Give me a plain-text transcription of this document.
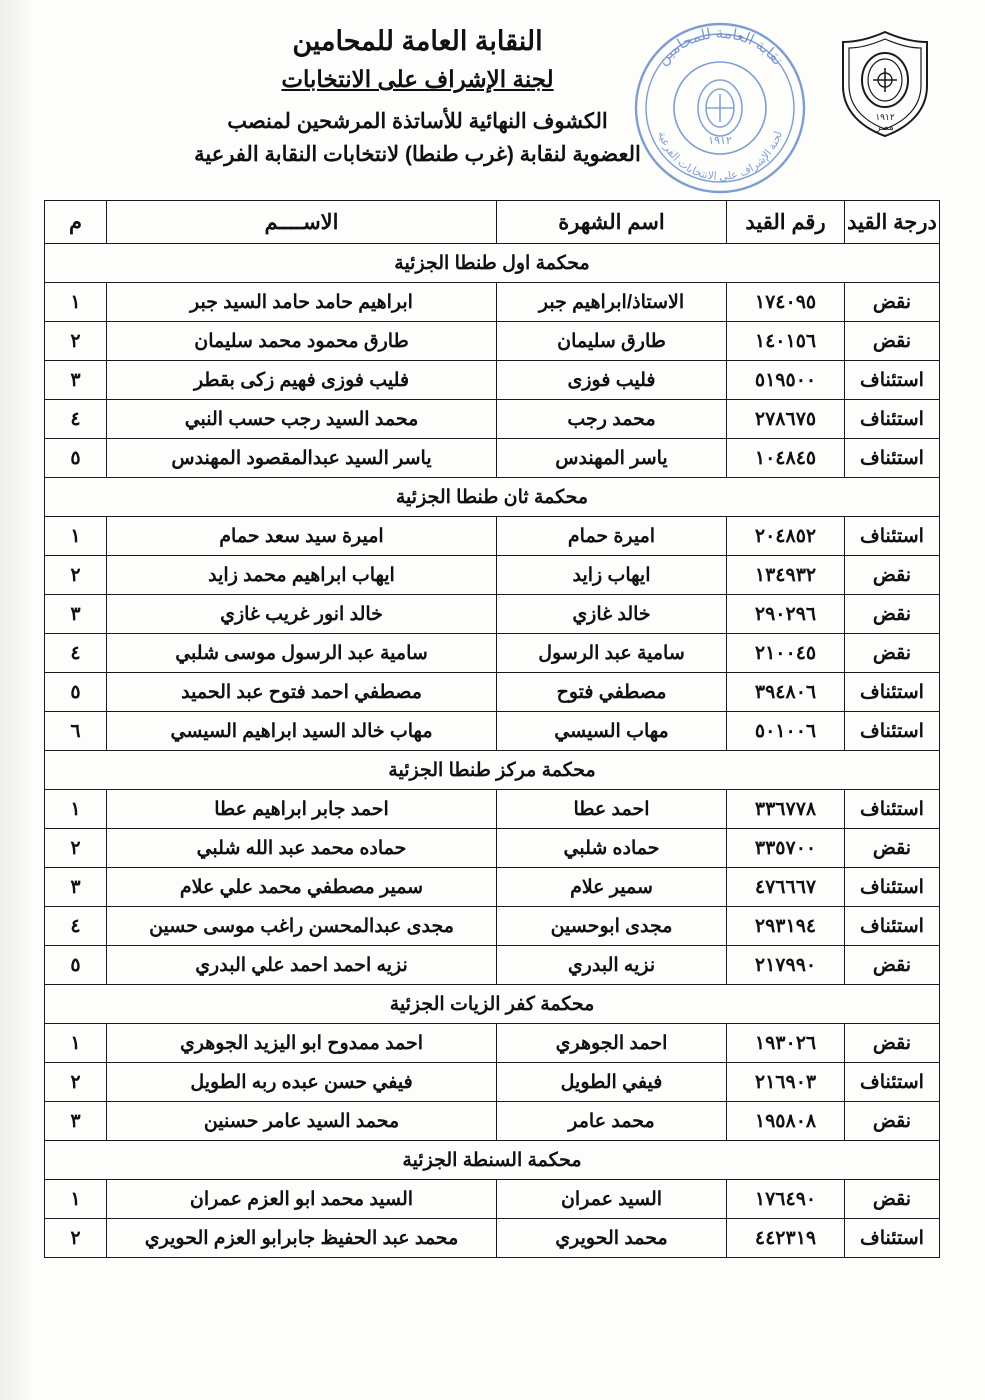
١٩١٢
مصر
١٩١٢
نقابة العامة للمحامين
لجنة الإشراف على الانتخابات الفرعية
النقابة العامة للمحامين
لجنة الإشراف على الانتخابات
الكشوف النهائية للأساتذة المرشحين لمنصب
العضوية لنقابة (غرب طنطا) لانتخابات النقابة الفرعية
درجة القيد	رقم القيد	اسم الشهرة	الاســــم	م
محكمة اول طنطا الجزئية				
نقض	١٧٤٠٩٥	الاستاذ/ابراهيم جبر	ابراهيم حامد حامد السيد جبر	١
نقض	١٤٠١٥٦	طارق سليمان	طارق محمود محمد سليمان	٢
استئناف	٥١٩٥٠٠	فليب فوزى	فليب فوزى فهيم زكى بقطر	٣
استئناف	٢٧٨٦٧٥	محمد رجب	محمد السيد رجب حسب النبي	٤
استئناف	١٠٤٨٤٥	ياسر المهندس	ياسر السيد عبدالمقصود المهندس	٥
محكمة ثان طنطا الجزئية				
استئناف	٢٠٤٨٥٢	اميرة حمام	اميرة سيد سعد حمام	١
نقض	١٣٤٩٣٢	ايهاب زايد	ايهاب ابراهيم محمد زايد	٢
نقض	٢٩٠٢٩٦	خالد غازي	خالد انور غريب غازي	٣
نقض	٢١٠٠٤٥	سامية عبد الرسول	سامية عبد الرسول موسى شلبي	٤
استئناف	٣٩٤٨٠٦	مصطفي فتوح	مصطفي احمد فتوح عبد الحميد	٥
استئناف	٥٠١٠٠٦	مهاب السيسي	مهاب خالد السيد ابراهيم السيسي	٦
محكمة مركز طنطا الجزئية				
استئناف	٣٣٦٧٧٨	احمد عطا	احمد جابر ابراهيم عطا	١
نقض	٣٣٥٧٠٠	حماده شلبي	حماده محمد عبد الله شلبي	٢
استئناف	٤٧٦٦٦٧	سمير علام	سمير مصطفي محمد علي علام	٣
استئناف	٢٩٣١٩٤	مجدى ابوحسين	مجدى عبدالمحسن راغب موسى حسين	٤
نقض	٢١٧٩٩٠	نزيه البدري	نزيه احمد احمد علي البدري	٥
محكمة كفر الزيات الجزئية				
نقض	١٩٣٠٢٦	احمد الجوهري	احمد ممدوح ابو اليزيد الجوهري	١
استئناف	٢١٦٩٠٣	فيفي الطويل	فيفي حسن عبده ربه الطويل	٢
نقض	١٩٥٨٠٨	محمد عامر	محمد السيد عامر حسنين	٣
محكمة السنطة الجزئية				
نقض	١٧٦٤٩٠	السيد عمران	السيد محمد ابو العزم عمران	١
استئناف	٤٤٢٣١٩	محمد الحويري	محمد عبد الحفيظ جابرابو العزم الحويري	٢
